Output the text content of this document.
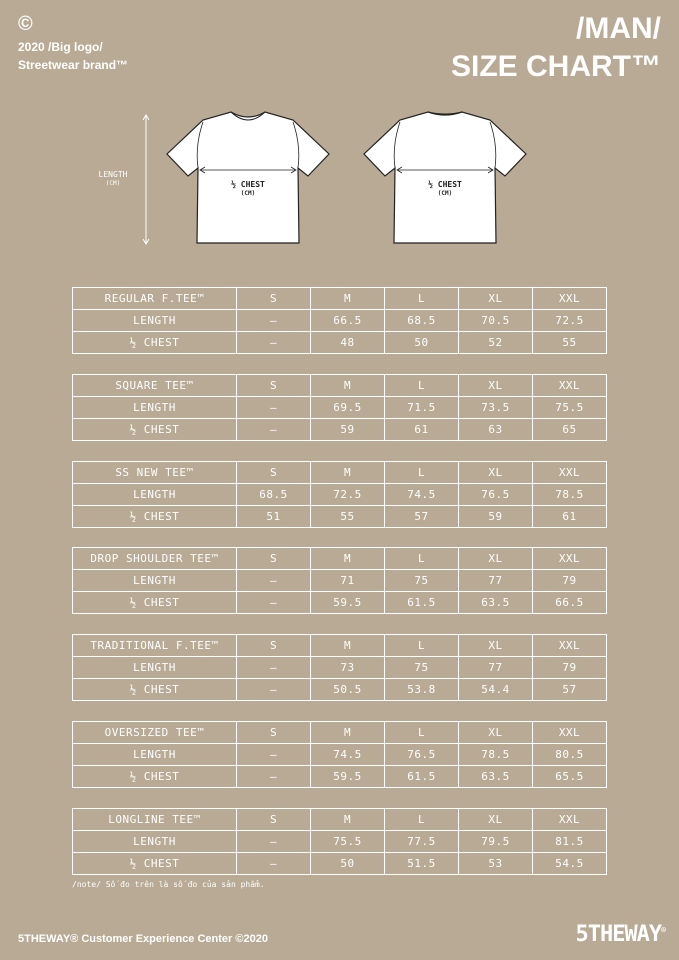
©
2020 /Big logo/
Streetwear brand™
/MAN/
SIZE CHART™
LENGTH
(CM)	½ CHEST
(CM)
½ CHEST
(CM)
REGULAR F.TEE™	S	M	L	XL	XXL
LENGTH	–	66.5	68.5	70.5	72.5
½ CHEST	–	48	50	52	55
SQUARE TEE™	S	M	L	XL	XXL
LENGTH	–	69.5	71.5	73.5	75.5
½ CHEST	–	59	61	63	65
SS NEW TEE™	S	M	L	XL	XXL
LENGTH	68.5	72.5	74.5	76.5	78.5
½ CHEST	51	55	57	59	61
DROP SHOULDER TEE™	S	M	L	XL	XXL
LENGTH	–	71	75	77	79
½ CHEST	–	59.5	61.5	63.5	66.5
TRADITIONAL F.TEE™	S	M	L	XL	XXL
LENGTH	–	73	75	77	79
½ CHEST	–	50.5	53.8	54.4	57
OVERSIZED TEE™	S	M	L	XL	XXL
LENGTH	–	74.5	76.5	78.5	80.5
½ CHEST	–	59.5	61.5	63.5	65.5
LONGLINE TEE™	S	M	L	XL	XXL
LENGTH	–	75.5	77.5	79.5	81.5
½ CHEST	–	50	51.5	53	54.5
/note/ Số đo trên là số đo của sản phẩm.
5THEWAY® Customer Experience Center ©2020	5THEWAY®
